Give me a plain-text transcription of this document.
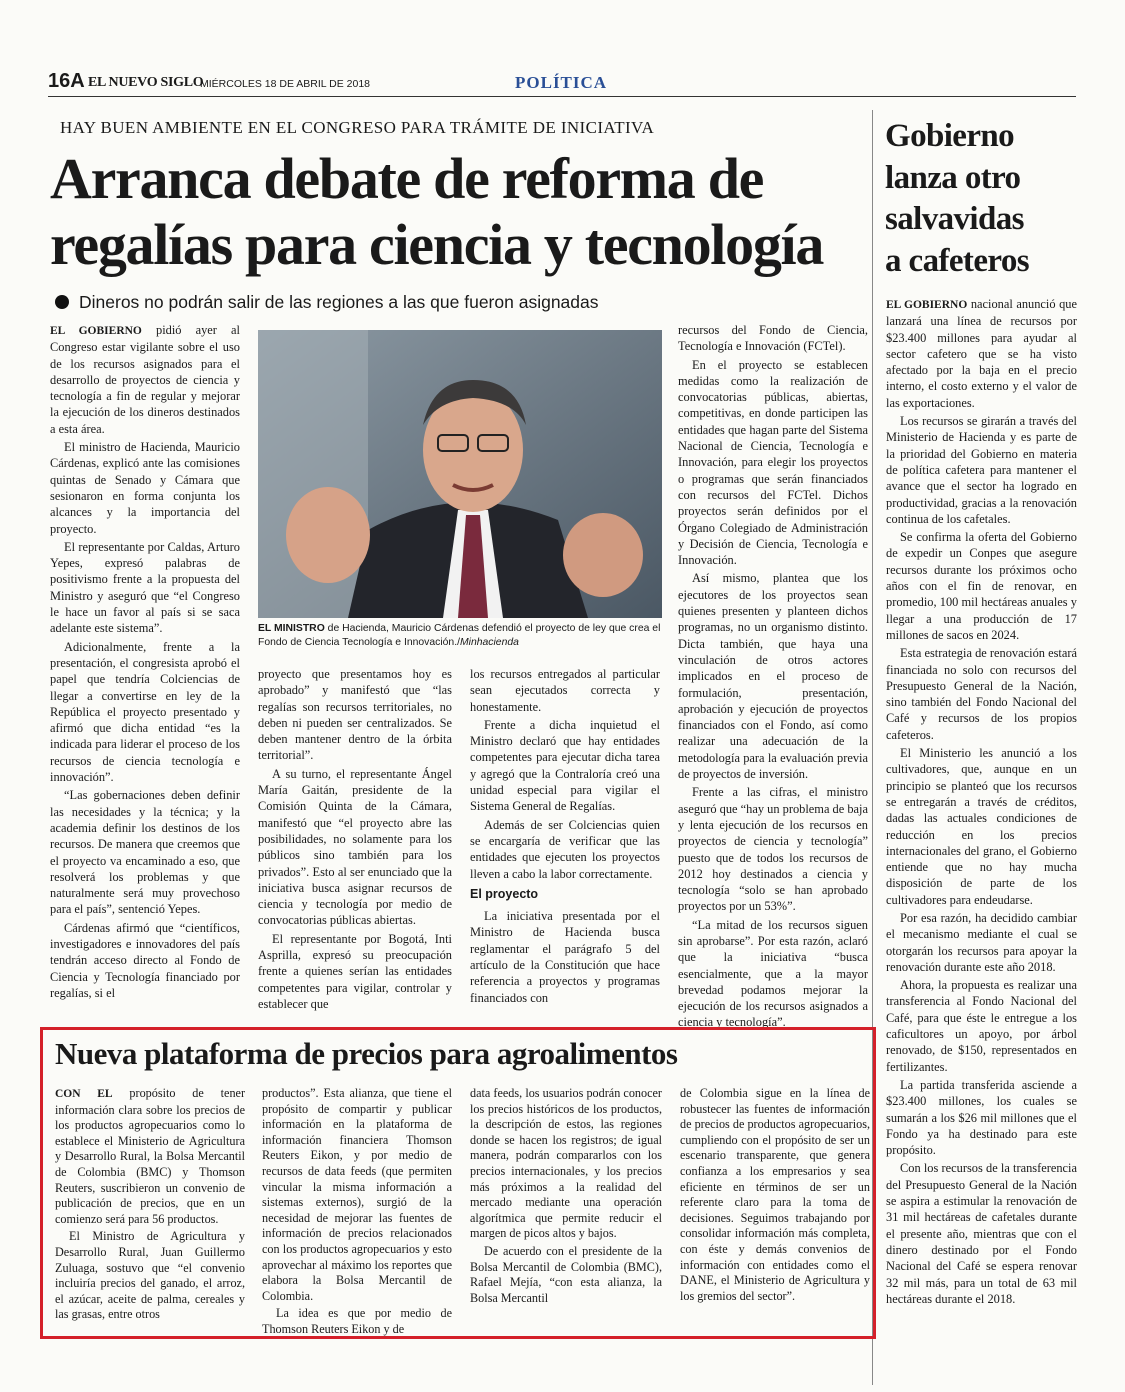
16A EL NUEVO SIGLO
MIÉRCOLES 18 DE ABRIL DE 2018	POLÍTICA
HAY BUEN AMBIENTE EN EL CONGRESO PARA TRÁMITE DE INICIATIVA
Arranca debate de reforma de
regalías para ciencia y tecnología
Dineros no podrán salir de las regiones a las que fueron asignadas

EL GOBIERNO pidió ayer al Congreso estar vigilante sobre el uso de los recursos asignados para el desarrollo de proyectos de ciencia y tecnología a fin de regular y mejorar la ejecución de los dineros destinados a esta área.

El ministro de Hacienda, Mauricio Cárdenas, explicó ante las comisiones quintas de Senado y Cámara que sesionaron en forma conjunta los alcances y la importancia del proyecto.

El representante por Caldas, Arturo Yepes, expresó palabras de positivismo frente a la propuesta del Ministro y aseguró que “el Congreso le hace un favor al país si se saca adelante este sistema”.

Adicionalmente, frente a la presentación, el congresista aprobó el papel que tendría Colciencias de llegar a convertirse en ley de la República el proyecto presentado y afirmó que dicha entidad “es la indicada para liderar el proceso de los recursos de ciencia tecnología e innovación”.

“Las gobernaciones deben definir las necesidades y la técnica; y la academia definir los destinos de los recursos. De manera que creemos que el proyecto va encaminado a eso, que resolverá los problemas y que naturalmente será muy provechoso para el país”, sentenció Yepes.

Cárdenas afirmó que “científicos, investigadores e innovadores del país tendrán acceso directo al Fondo de Ciencia y Tecnología financiado por regalías, si el

EL MINISTRO de Hacienda, Mauricio Cárdenas defendió el proyecto de ley que crea el Fondo de Ciencia Tecnología e Innovación./Minhacienda

proyecto que presentamos hoy es aprobado” y manifestó que “las regalías son recursos territoriales, no deben ni pueden ser centralizados. Se deben mantener dentro de la órbita territorial”.

A su turno, el representante Ángel María Gaitán, presidente de la Comisión Quinta de la Cámara, manifestó que “el proyecto abre las posibilidades, no solamente para los públicos sino también para los privados”. Esto al ser enunciado que la iniciativa busca asignar recursos de ciencia y tecnología por medio de convocatorias públicas abiertas.

El representante por Bogotá, Inti Asprilla, expresó su preocupación frente a quienes serían las entidades competentes para vigilar, controlar y establecer que

los recursos entregados al particular sean ejecutados correcta y honestamente.

Frente a dicha inquietud el Ministro declaró que hay entidades competentes para ejecutar dicha tarea y agregó que la Contraloría creó una unidad especial para vigilar el Sistema General de Regalías.

Además de ser Colciencias quien se encargaría de verificar que las entidades que ejecuten los proyectos lleven a cabo la labor correctamente.

El proyecto

La iniciativa presentada por el Ministro de Hacienda busca reglamentar el parágrafo 5 del artículo de la Constitución que hace referencia a proyectos y programas financiados con

recursos del Fondo de Ciencia, Tecnología e Innovación (FCTel).

En el proyecto se establecen medidas como la realización de convocatorias públicas, abiertas, competitivas, en donde participen las entidades que hagan parte del Sistema Nacional de Ciencia, Tecnología e Innovación, para elegir los proyectos o programas que serán financiados con recursos del FCTel. Dichos proyectos serán definidos por el Órgano Colegiado de Administración y Decisión de Ciencia, Tecnología e Innovación.

Así mismo, plantea que los ejecutores de los proyectos sean quienes presenten y planteen dichos programas, no un organismo distinto. Dicta también, que haya una vinculación de otros actores implicados en el proceso de formulación, presentación, aprobación y ejecución de proyectos financiados con el Fondo, así como realizar una adecuación de la metodología para la evaluación previa de proyectos de inversión.

Frente a las cifras, el ministro aseguró que “hay un problema de baja y lenta ejecución de los recursos en proyectos de ciencia y tecnología” puesto que de todos los recursos de 2012 hoy destinados a ciencia y tecnología “solo se han aprobado proyectos por un 53%”.

“La mitad de los recursos siguen sin aprobarse”. Por esta razón, aclaró que la iniciativa “busca esencialmente, que a la mayor brevedad podamos mejorar la ejecución de los recursos asignados a ciencia y tecnología”.

Gobierno
lanza otro
salvavidas
a cafeteros

EL GOBIERNO nacional anunció que lanzará una línea de recursos por $23.400 millones para ayudar al sector cafetero que se ha visto afectado por la baja en el precio interno, el costo externo y el valor de las exportaciones.

Los recursos se girarán a través del Ministerio de Hacienda y es parte de la prioridad del Gobierno en materia de política cafetera para mantener el avance que el sector ha logrado en productividad, gracias a la renovación continua de los cafetales.

Se confirma la oferta del Gobierno de expedir un Conpes que asegure recursos durante los próximos ocho años con el fin de renovar, en promedio, 100 mil hectáreas anuales y llegar a una producción de 17 millones de sacos en 2024.

Esta estrategia de renovación estará financiada no solo con recursos del Presupuesto General de la Nación, sino también del Fondo Nacional del Café y recursos de los propios cafeteros.

El Ministerio les anunció a los cultivadores, que, aunque en un principio se planteó que los recursos se entregarán a través de créditos, dadas las actuales condiciones de reducción en los precios internacionales del grano, el Gobierno entiende que no hay mucha disposición de parte de los cultivadores para endeudarse.

Por esa razón, ha decidido cambiar el mecanismo mediante el cual se otorgarán los recursos para apoyar la renovación durante este año 2018.

Ahora, la propuesta es realizar una transferencia al Fondo Nacional del Café, para que éste le entregue a los caficultores un apoyo, por árbol renovado, de $150, representados en fertilizantes.

La partida transferida asciende a $23.400 millones, los cuales se sumarán a los $26 mil millones que el Fondo ya ha destinado para este propósito.

Con los recursos de la transferencia del Presupuesto General de la Nación se aspira a estimular la renovación de 31 mil hectáreas de cafetales durante el presente año, mientras que con el dinero destinado por el Fondo Nacional del Café se espera renovar 32 mil más, para un total de 63 mil hectáreas durante el 2018.

Nueva plataforma de precios para agroalimentos

CON EL propósito de tener información clara sobre los precios de los productos agropecuarios como lo establece el Ministerio de Agricultura y Desarrollo Rural, la Bolsa Mercantil de Colombia (BMC) y Thomson Reuters, suscribieron un convenio de publicación de precios, que en un comienzo será para 56 productos.

El Ministro de Agricultura y Desarrollo Rural, Juan Guillermo Zuluaga, sostuvo que “el convenio incluiría precios del ganado, el arroz, el azúcar, aceite de palma, cereales y las grasas, entre otros

productos”. Esta alianza, que tiene el propósito de compartir y publicar información en la plataforma de información financiera Thomson Reuters Eikon, y por medio de recursos de data feeds (que permiten vincular la misma información a sistemas externos), surgió de la necesidad de mejorar las fuentes de información de precios relacionados con los productos agropecuarios y esto aprovechar al máximo los reportes que elabora la Bolsa Mercantil de Colombia.

La idea es que por medio de Thomson Reuters Eikon y de

data feeds, los usuarios podrán conocer los precios históricos de los productos, la descripción de estos, las regiones donde se hacen los registros; de igual manera, podrán compararlos con los precios internacionales, y los precios más próximos a la realidad del mercado mediante una operación algorítmica que permite reducir el margen de picos altos y bajos.

De acuerdo con el presidente de la Bolsa Mercantil de Colombia (BMC), Rafael Mejía, “con esta alianza, la Bolsa Mercantil

de Colombia sigue en la línea de robustecer las fuentes de información de precios de productos agropecuarios, cumpliendo con el propósito de ser un escenario transparente, que genera confianza a los empresarios y sea eficiente en términos de ser un referente claro para la toma de decisiones. Seguimos trabajando por consolidar información más completa, con éste y demás convenios de información con entidades como el DANE, el Ministerio de Agricultura y los gremios del sector”.
